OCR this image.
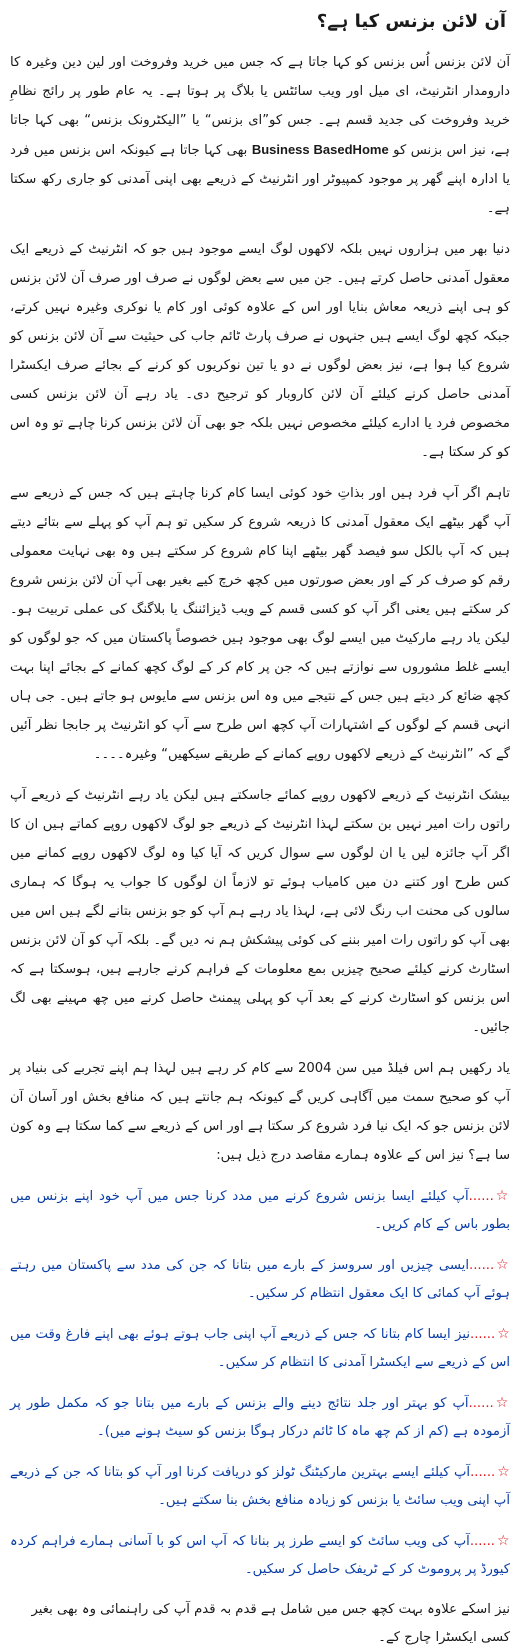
آن لائن بزنس کیا ہے؟

آن لائن بزنس اُس بزنس کو کہا جاتا ہے کہ جس میں خرید وفروخت اور لین دین وغیرہ کا دارومدار انٹرنیٹ، ای میل اور ویب سائٹس یا بلاگ پر ہوتا ہے۔ یہ عام طور پر رائج نظامِ خرید وفروخت کی جدید قسم ہے۔ جس کو”ای بزنس“ یا ”الیکٹرونک بزنس“ بھی کہا جاتا ہے، نیز اس بزنس کو Business BasedHome بھی کہا جاتا ہے کیونکہ اس بزنس میں فرد یا ادارہ اپنے گھر پر موجود کمپیوٹر اور انٹرنیٹ کے ذریعے بھی اپنی آمدنی کو جاری رکھ سکتا ہے۔

دنیا بھر میں ہزاروں نہیں بلکہ لاکھوں لوگ ایسے موجود ہیں جو کہ انٹرنیٹ کے ذریعے ایک معقول آمدنی حاصل کرتے ہیں۔ جن میں سے بعض لوگوں نے صرف اور صرف آن لائن بزنس کو ہی اپنے ذریعہ معاش بنایا اور اس کے علاوہ کوئی اور کام یا نوکری وغیرہ نہیں کرتے، جبکہ کچھ لوگ ایسے ہیں جنہوں نے صرف پارٹ ٹائم جاب کی حیثیت سے آن لائن بزنس کو شروع کیا ہوا ہے، نیز بعض لوگوں نے دو یا تین نوکریوں کو کرنے کے بجائے صرف ایکسٹرا آمدنی حاصل کرنے کیلئے آن لائن کاروبار کو ترجیح دی۔ یاد رہے آن لائن بزنس کسی مخصوص فرد یا ادارے کیلئے مخصوص نہیں بلکہ جو بھی آن لائن بزنس کرنا چاہے تو وہ اس کو کر سکتا ہے۔

تاہم اگر آپ فرد ہیں اور بذاتِ خود کوئی ایسا کام کرنا چاہتے ہیں کہ جس کے ذریعے سے آپ گھر بیٹھے ایک معقول آمدنی کا ذریعہ شروع کر سکیں تو ہم آپ کو پہلے سے بتائے دیتے ہیں کہ آپ بالکل سو فیصد گھر بیٹھے اپنا کام شروع کر سکتے ہیں وہ بھی نہایت معمولی رقم کو صرف کر کے اور بعض صورتوں میں کچھ خرچ کیے بغیر بھی آپ آن لائن بزنس شروع کر سکتے ہیں یعنی اگر آپ کو کسی قسم کے ویب ڈیزائننگ یا بلاگنگ کی عملی تربیت ہو۔ لیکن یاد رہے مارکیٹ میں ایسے لوگ بھی موجود ہیں خصوصاً پاکستان میں کہ جو لوگوں کو ایسے غلط مشوروں سے نوازتے ہیں کہ جن پر کام کر کے لوگ کچھ کمانے کے بجائے اپنا بہت کچھ ضائع کر دیتے ہیں جس کے نتیجے میں وہ اس بزنس سے مایوس ہو جاتے ہیں۔ جی ہاں انہی قسم کے لوگوں کے اشتہارات آپ کچھ اس طرح سے آپ کو انٹرنیٹ پر جابجا نظر آئیں گے کہ ”انٹرنیٹ کے ذریعے لاکھوں روپے کمانے کے طریقے سیکھیں“ وغیرہ۔۔۔۔

بیشک انٹرنیٹ کے ذریعے لاکھوں روپے کمائے جاسکتے ہیں لیکن یاد رہے انٹرنیٹ کے ذریعے آپ راتوں رات امیر نہیں بن سکتے لہذا انٹرنیٹ کے ذریعے جو لوگ لاکھوں روپے کماتے ہیں ان کا اگر آپ جائزہ لیں یا ان لوگوں سے سوال کریں کہ آیا کیا وہ لوگ لاکھوں روپے کمانے میں کس طرح اور کتنے دن میں کامیاب ہوئے تو لازماً ان لوگوں کا جواب یہ ہوگا کہ ہماری سالوں کی محنت اب رنگ لائی ہے، لہذا یاد رہے ہم آپ کو جو بزنس بتانے لگے ہیں اس میں بھی آپ کو راتوں رات امیر بننے کی کوئی پیشکش ہم نہ دیں گے۔ بلکہ آپ کو آن لائن بزنس اسٹارٹ کرنے کیلئے صحیح چیزیں بمع معلومات کے فراہم کرنے جارہے ہیں، ہوسکتا ہے کہ اس بزنس کو اسٹارٹ کرنے کے بعد آپ کو پہلی پیمنٹ حاصل کرنے میں چھ مہینے بھی لگ جائیں۔

یاد رکھیں ہم اس فیلڈ میں سن 2004 سے کام کر رہے ہیں لہذا ہم اپنے تجربے کی بنیاد پر آپ کو صحیح سمت میں آگاہی کریں گے کیونکہ ہم جانتے ہیں کہ منافع بخش اور آسان آن لائن بزنس جو کہ ایک نیا فرد شروع کر سکتا ہے اور اس کے ذریعے سے کما سکتا ہے وہ کون سا ہے؟ نیز اس کے علاوہ ہمارے مقاصد درج ذیل ہیں:

☆......آپ کیلئے ایسا بزنس شروع کرنے میں مدد کرنا جس میں آپ خود اپنے بزنس میں بطور باس کے کام کریں۔
☆......ایسی چیزیں اور سروسز کے بارے میں بتانا کہ جن کی مدد سے پاکستان میں رہتے ہوئے آپ کمائی کا ایک معقول انتظام کر سکیں۔
☆......نیز ایسا کام بتانا کہ جس کے ذریعے آپ اپنی جاب ہوتے ہوئے بھی اپنے فارغ وقت میں اس کے ذریعے سے ایکسٹرا آمدنی کا انتظام کر سکیں۔
☆......آپ کو بہتر اور جلد نتائج دینے والے بزنس کے بارے میں بتانا جو کہ مکمل طور پر آزمودہ ہے (کم از کم چھ ماہ کا ٹائم درکار ہوگا بزنس کو سیٹ ہونے میں)۔
☆......آپ کیلئے ایسے بہترین مارکیٹنگ ٹولز کو دریافت کرنا اور آپ کو بتانا کہ جن کے ذریعے آپ اپنی ویب سائٹ یا بزنس کو زیادہ منافع بخش بنا سکتے ہیں۔
☆......آپ کی ویب سائٹ کو ایسے طرز پر بنانا کہ آپ اس کو با آسانی ہمارے فراہم کردہ کیورڈ پر پروموٹ کر کے ٹریفک حاصل کر سکیں۔

نیز اسکے علاوہ بہت کچھ جس میں شامل ہے قدم بہ قدم آپ کی راہنمائی وہ بھی بغیر کسی ایکسٹرا چارج کے۔
